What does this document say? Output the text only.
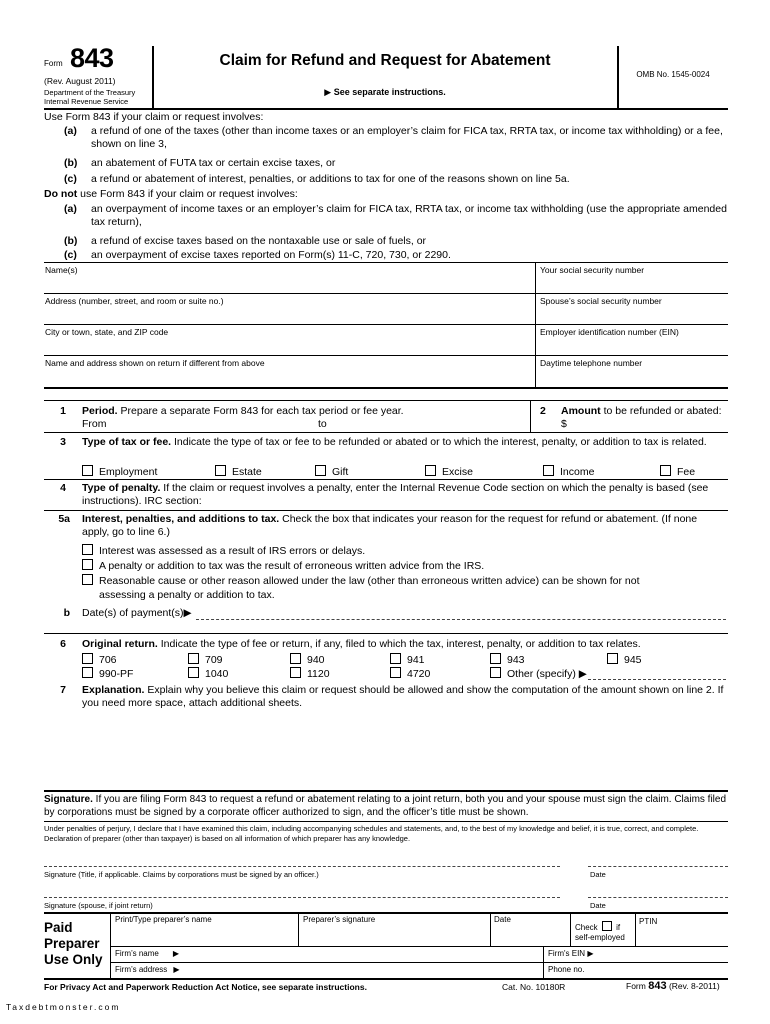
Form 843
(Rev. August 2011)
Department of the Treasury
Internal Revenue Service
Claim for Refund and Request for Abatement
▶ See separate instructions.
OMB No. 1545-0024
Use Form 843 if your claim or request involves:
(a) a refund of one of the taxes (other than income taxes or an employer’s claim for FICA tax, RRTA tax, or income tax withholding) or a fee, shown on line 3,
(b) an abatement of FUTA tax or certain excise taxes, or
(c) a refund or abatement of interest, penalties, or additions to tax for one of the reasons shown on line 5a.
Do not use Form 843 if your claim or request involves:
(a) an overpayment of income taxes or an employer’s claim for FICA tax, RRTA tax, or income tax withholding (use the appropriate amended tax return),
(b) a refund of excise taxes based on the nontaxable use or sale of fuels, or
(c) an overpayment of excise taxes reported on Form(s) 11-C, 720, 730, or 2290.
Name(s)	Your social security number
Address (number, street, and room or suite no.)	Spouse’s social security number
City or town, state, and ZIP code	Employer identification number (EIN)
Name and address shown on return if different from above	Daytime telephone number
1 Period. Prepare a separate Form 843 for each tax period or fee year.
From	to
2 Amount to be refunded or abated:
$
3 Type of tax or fee. Indicate the type of tax or fee to be refunded or abated or to which the interest, penalty, or addition to tax is related.
Employment	Estate	Gift	Excise	Income	Fee
4 Type of penalty. If the claim or request involves a penalty, enter the Internal Revenue Code section on which the penalty is based (see instructions). IRC section:
5a Interest, penalties, and additions to tax. Check the box that indicates your reason for the request for refund or abatement. (If none apply, go to line 6.)
Interest was assessed as a result of IRS errors or delays.
A penalty or addition to tax was the result of erroneous written advice from the IRS.
Reasonable cause or other reason allowed under the law (other than erroneous written advice) can be shown for not
assessing a penalty or addition to tax.
b Date(s) of payment(s)▶
6 Original return. Indicate the type of fee or return, if any, filed to which the tax, interest, penalty, or addition to tax relates.
706	709	940	941	943	945
990-PF	1040	1120	4720	Other (specify) ▶
7 Explanation. Explain why you believe this claim or request should be allowed and show the computation of the amount shown on line 2. If you need more space, attach additional sheets.
Signature. If you are filing Form 843 to request a refund or abatement relating to a joint return, both you and your spouse must sign the claim. Claims filed by corporations must be signed by a corporate officer authorized to sign, and the officer’s title must be shown.
Under penalties of perjury, I declare that I have examined this claim, including accompanying schedules and statements, and, to the best of my knowledge and belief, it is true, correct, and complete. Declaration of preparer (other than taxpayer) is based on all information of which preparer has any knowledge.
Signature (Title, if applicable. Claims by corporations must be signed by an officer.)	Date
Signature (spouse, if joint return)	Date
Paid
Preparer
Use Only
Print/Type preparer’s name	Preparer’s signature	Date
Check if
self-employed
PTIN
Firm’s name ▶	Firm's EIN ▶
Firm’s address ▶	Phone no.
For Privacy Act and Paperwork Reduction Act Notice, see separate instructions.	Cat. No. 10180R	Form 843 (Rev. 8-2011)
Taxdebtmonster.com
